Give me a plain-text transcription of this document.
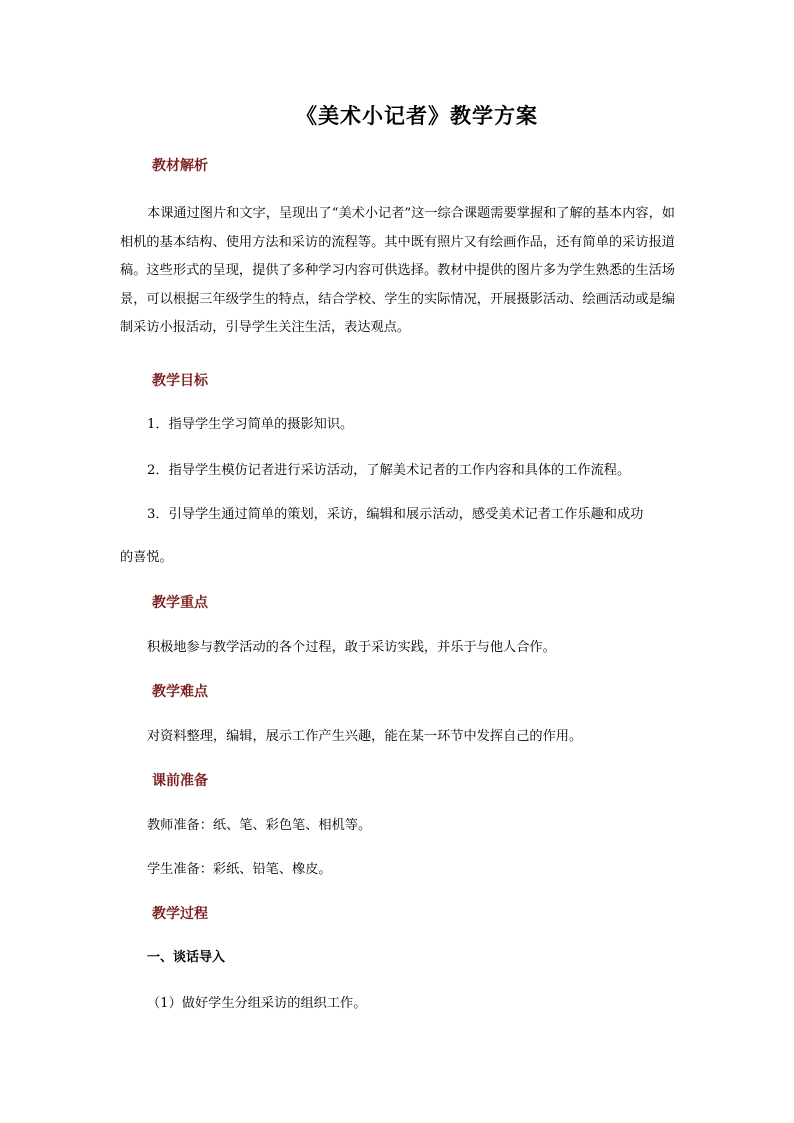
《美术小记者》教学方案
教材解析
本课通过图片和文字，呈现出了“美术小记者”这一综合课题需要掌握和了解的基本内容，如相机的基本结构、使用方法和采访的流程等。其中既有照片又有绘画作品，还有简单的采访报道稿。这些形式的呈现，提供了多种学习内容可供选择。教材中提供的图片多为学生熟悉的生活场景，可以根据三年级学生的特点，结合学校、学生的实际情况，开展摄影活动、绘画活动或是编制采访小报活动，引导学生关注生活，表达观点。
教学目标
1．指导学生学习简单的摄影知识。
2．指导学生模仿记者进行采访活动，了解美术记者的工作内容和具体的工作流程。
3．引导学生通过简单的策划，采访，编辑和展示活动，感受美术记者工作乐趣和成功
的喜悦。
教学重点
积极地参与教学活动的各个过程，敢于采访实践，并乐于与他人合作。
教学难点
对资料整理，编辑，展示工作产生兴趣，能在某一环节中发挥自己的作用。
课前准备
教师准备：纸、笔、彩色笔、相机等。
学生准备：彩纸、铅笔、橡皮。
教学过程
一、谈话导入
（1）做好学生分组采访的组织工作。
